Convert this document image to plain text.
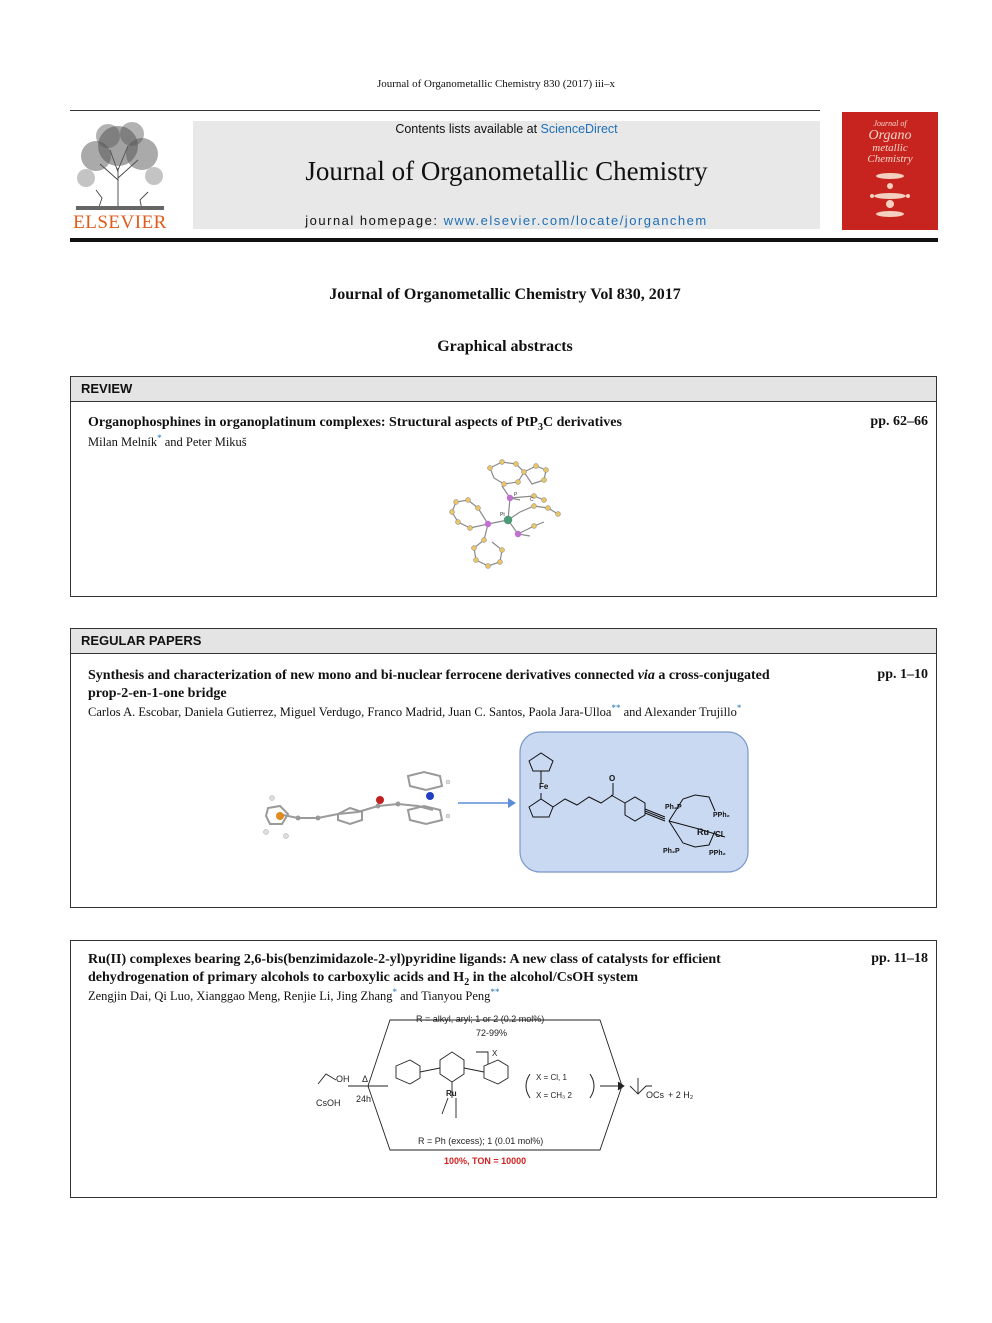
Journal of Organometallic Chemistry 830 (2017) iii–x
ELSEVIER
Contents lists available at ScienceDirect
Journal of Organometallic Chemistry
journal homepage: www.elsevier.com/locate/jorganchem
Journal of
Organo
metallic
Chemistry
Journal of Organometallic Chemistry Vol 830, 2017
Graphical abstracts
REVIEW
Organophosphines in organoplatinum complexes: Structural aspects of PtP$_3$C derivatives	pp. 62–66
Milan Melník* and Peter Mikuš
Pt
C
P
REGULAR PAPERS
Synthesis and characterization of new mono and bi-nuclear ferrocene derivatives connected via a cross-conjugated
prop-2-en-1-one bridge
pp. 1–10
Carlos A. Escobar, Daniela Gutierrez, Miguel Verdugo, Franco Madrid, Juan C. Santos, Paola Jara-Ulloa** and Alexander Trujillo*
Fe
O
Ru Cl
Ph₂P
PPh₂
Ph₂P	PPh₂
Ru(II) complexes bearing 2,6-bis(benzimidazole-2-yl)pyridine ligands: A new class of catalysts for efficient
dehydrogenation of primary alcohols to carboxylic acids and $H_2$ in the alcohol/CsOH system
pp. 11–18
Zengjin Dai, Qi Luo, Xianggao Meng, Renjie Li, Jing Zhang* and Tianyou Peng**
R = alkyl, aryl; 1 or 2 (0.2 mol%)
72-99%
R = Ph (excess); 1 (0.01 mol%)
100%, TON = 10000
OH
CsOH
Δ
24h	OCs + 2 H₂
X = Cl, 1
X = CH₃ 2
X
Ru
